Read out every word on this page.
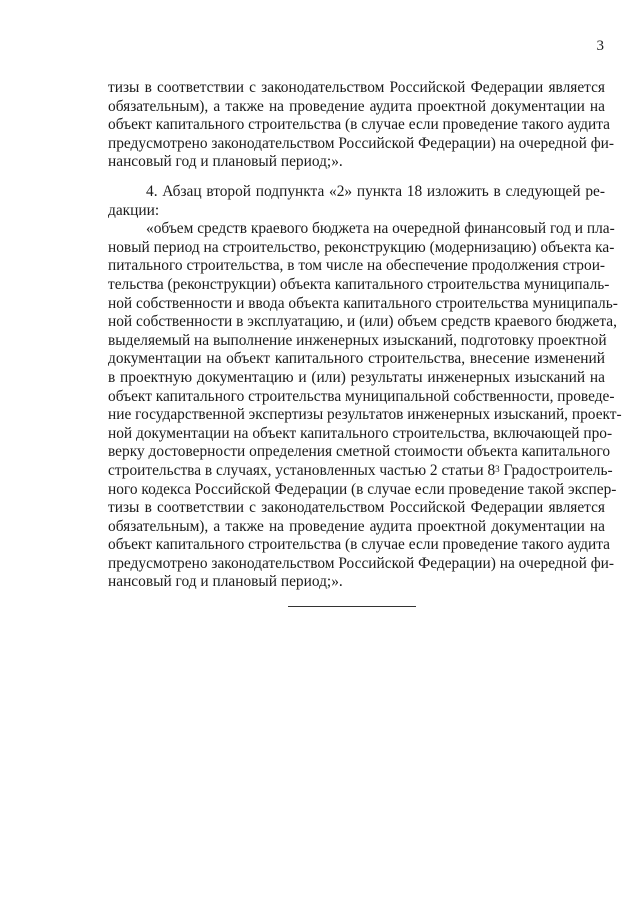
3
тизы в соответствии с законодательством Российской Федерации является
обязательным), а также на проведение аудита проектной документации на
объект капитального строительства (в случае если проведение такого аудита
предусмотрено законодательством Российской Федерации) на очередной фи-
нансовый год и плановый период;».
4. Абзац второй подпункта «2» пункта 18 изложить в следующей ре-
дакции:
«объем средств краевого бюджета на очередной финансовый год и пла-
новый период на строительство, реконструкцию (модернизацию) объекта ка-
питального строительства, в том числе на обеспечение продолжения строи-
тельства (реконструкции) объекта капитального строительства муниципаль-
ной собственности и ввода объекта капитального строительства муниципаль-
ной собственности в эксплуатацию, и (или) объем средств краевого бюджета,
выделяемый на выполнение инженерных изысканий, подготовку проектной
документации на объект капитального строительства, внесение изменений
в проектную документацию и (или) результаты инженерных изысканий на
объект капитального строительства муниципальной собственности, проведе-
ние государственной экспертизы результатов инженерных изысканий, проект-
ной документации на объект капитального строительства, включающей про-
верку достоверности определения сметной стоимости объекта капитального
строительства в случаях, установленных частью 2 статьи $8^3$ Градостроитель-
ного кодекса Российской Федерации (в случае если проведение такой экспер-
тизы в соответствии с законодательством Российской Федерации является
обязательным), а также на проведение аудита проектной документации на
объект капитального строительства (в случае если проведение такого аудита
предусмотрено законодательством Российской Федерации) на очередной фи-
нансовый год и плановый период;».
